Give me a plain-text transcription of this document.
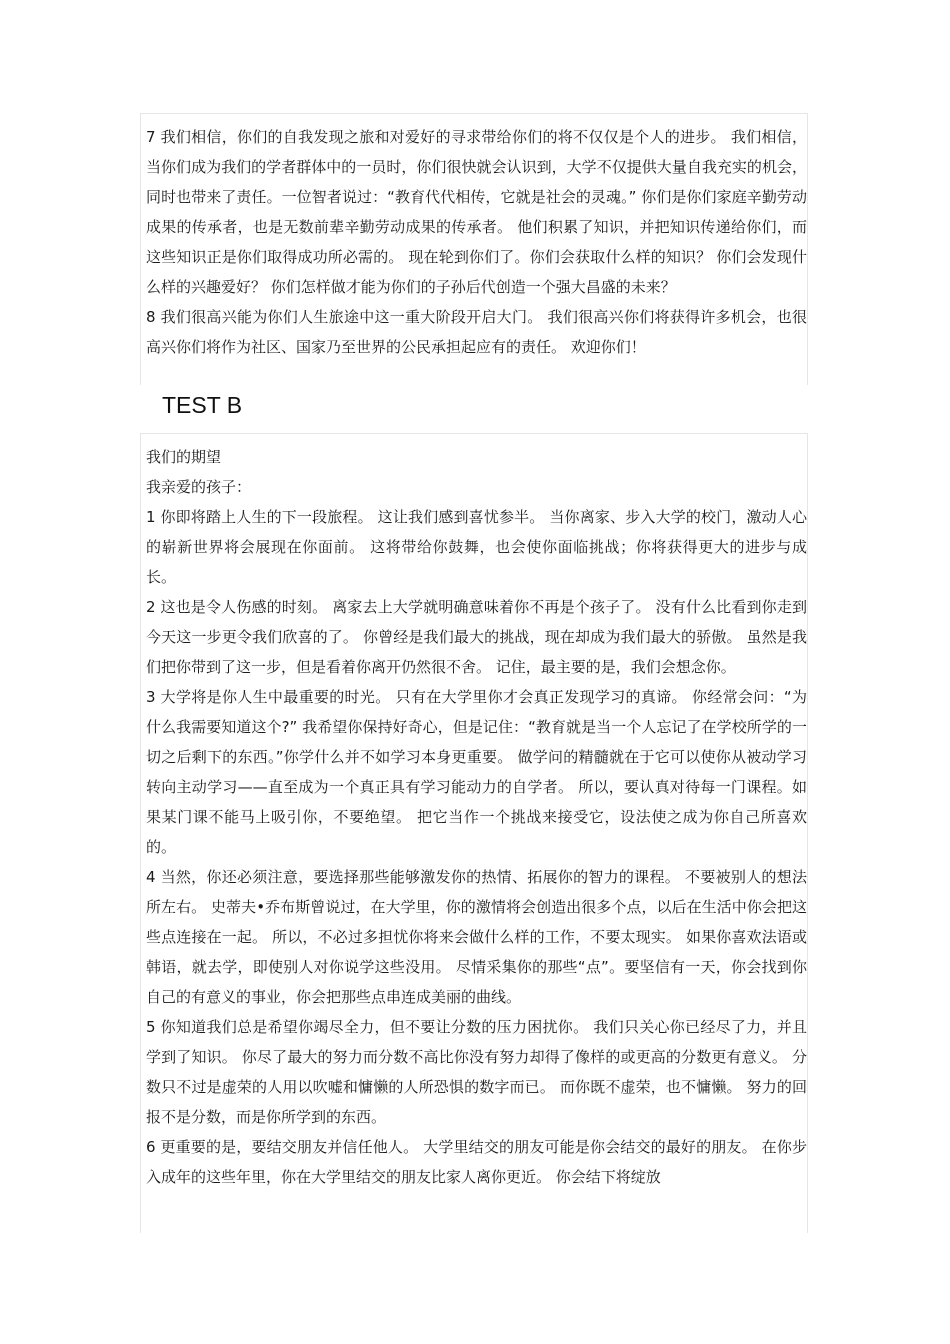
7 我们相信，你们的自我发现之旅和对爱好的寻求带给你们的将不仅仅是个人的进步。 我们相信，当你们成为我们的学者群体中的一员时，你们很快就会认识到，大学不仅提供大量自我充实的机会，同时也带来了责任。一位智者说过：“教育代代相传，它就是社会的灵魂。” 你们是你们家庭辛勤劳动成果的传承者，也是无数前辈辛勤劳动成果的传承者。 他们积累了知识，并把知识传递给你们，而这些知识正是你们取得成功所必需的。 现在轮到你们了。你们会获取什么样的知识？ 你们会发现什么样的兴趣爱好？ 你们怎样做才能为你们的子孙后代创造一个强大昌盛的未来？

8 我们很高兴能为你们人生旅途中这一重大阶段开启大门。 我们很高兴你们将获得许多机会，也很高兴你们将作为社区、国家乃至世界的公民承担起应有的责任。 欢迎你们！

TEST B

我们的期望

我亲爱的孩子：

1 你即将踏上人生的下一段旅程。 这让我们感到喜忧参半。 当你离家、步入大学的校门，激动人心的崭新世界将会展现在你面前。 这将带给你鼓舞，也会使你面临挑战；你将获得更大的进步与成长。

2 这也是令人伤感的时刻。 离家去上大学就明确意味着你不再是个孩子了。 没有什么比看到你走到今天这一步更令我们欣喜的了。 你曾经是我们最大的挑战，现在却成为我们最大的骄傲。 虽然是我们把你带到了这一步，但是看着你离开仍然很不舍。 记住，最主要的是，我们会想念你。

3 大学将是你人生中最重要的时光。 只有在大学里你才会真正发现学习的真谛。 你经常会问：“为什么我需要知道这个?” 我希望你保持好奇心，但是记住：“教育就是当一个人忘记了在学校所学的一切之后剩下的东西。”你学什么并不如学习本身更重要。 做学问的精髓就在于它可以使你从被动学习转向主动学习——直至成为一个真正具有学习能动力的自学者。 所以，要认真对待每一门课程。如果某门课不能马上吸引你，不要绝望。 把它当作一个挑战来接受它，设法使之成为你自己所喜欢的。

4 当然，你还必须注意，要选择那些能够激发你的热情、拓展你的智力的课程。 不要被别人的想法所左右。 史蒂夫•乔布斯曾说过，在大学里，你的激情将会创造出很多个点，以后在生活中你会把这些点连接在一起。 所以，不必过多担忧你将来会做什么样的工作，不要太现实。 如果你喜欢法语或韩语，就去学，即使别人对你说学这些没用。 尽情采集你的那些“点”。要坚信有一天，你会找到你自己的有意义的事业，你会把那些点串连成美丽的曲线。

5 你知道我们总是希望你竭尽全力，但不要让分数的压力困扰你。 我们只关心你已经尽了力，并且学到了知识。 你尽了最大的努力而分数不高比你没有努力却得了像样的或更高的分数更有意义。 分数只不过是虚荣的人用以吹嘘和慵懒的人所恐惧的数字而已。 而你既不虚荣，也不慵懒。 努力的回报不是分数，而是你所学到的东西。

6 更重要的是，要结交朋友并信任他人。 大学里结交的朋友可能是你会结交的最好的朋友。 在你步入成年的这些年里，你在大学里结交的朋友比家人离你更近。 你会结下将绽放
